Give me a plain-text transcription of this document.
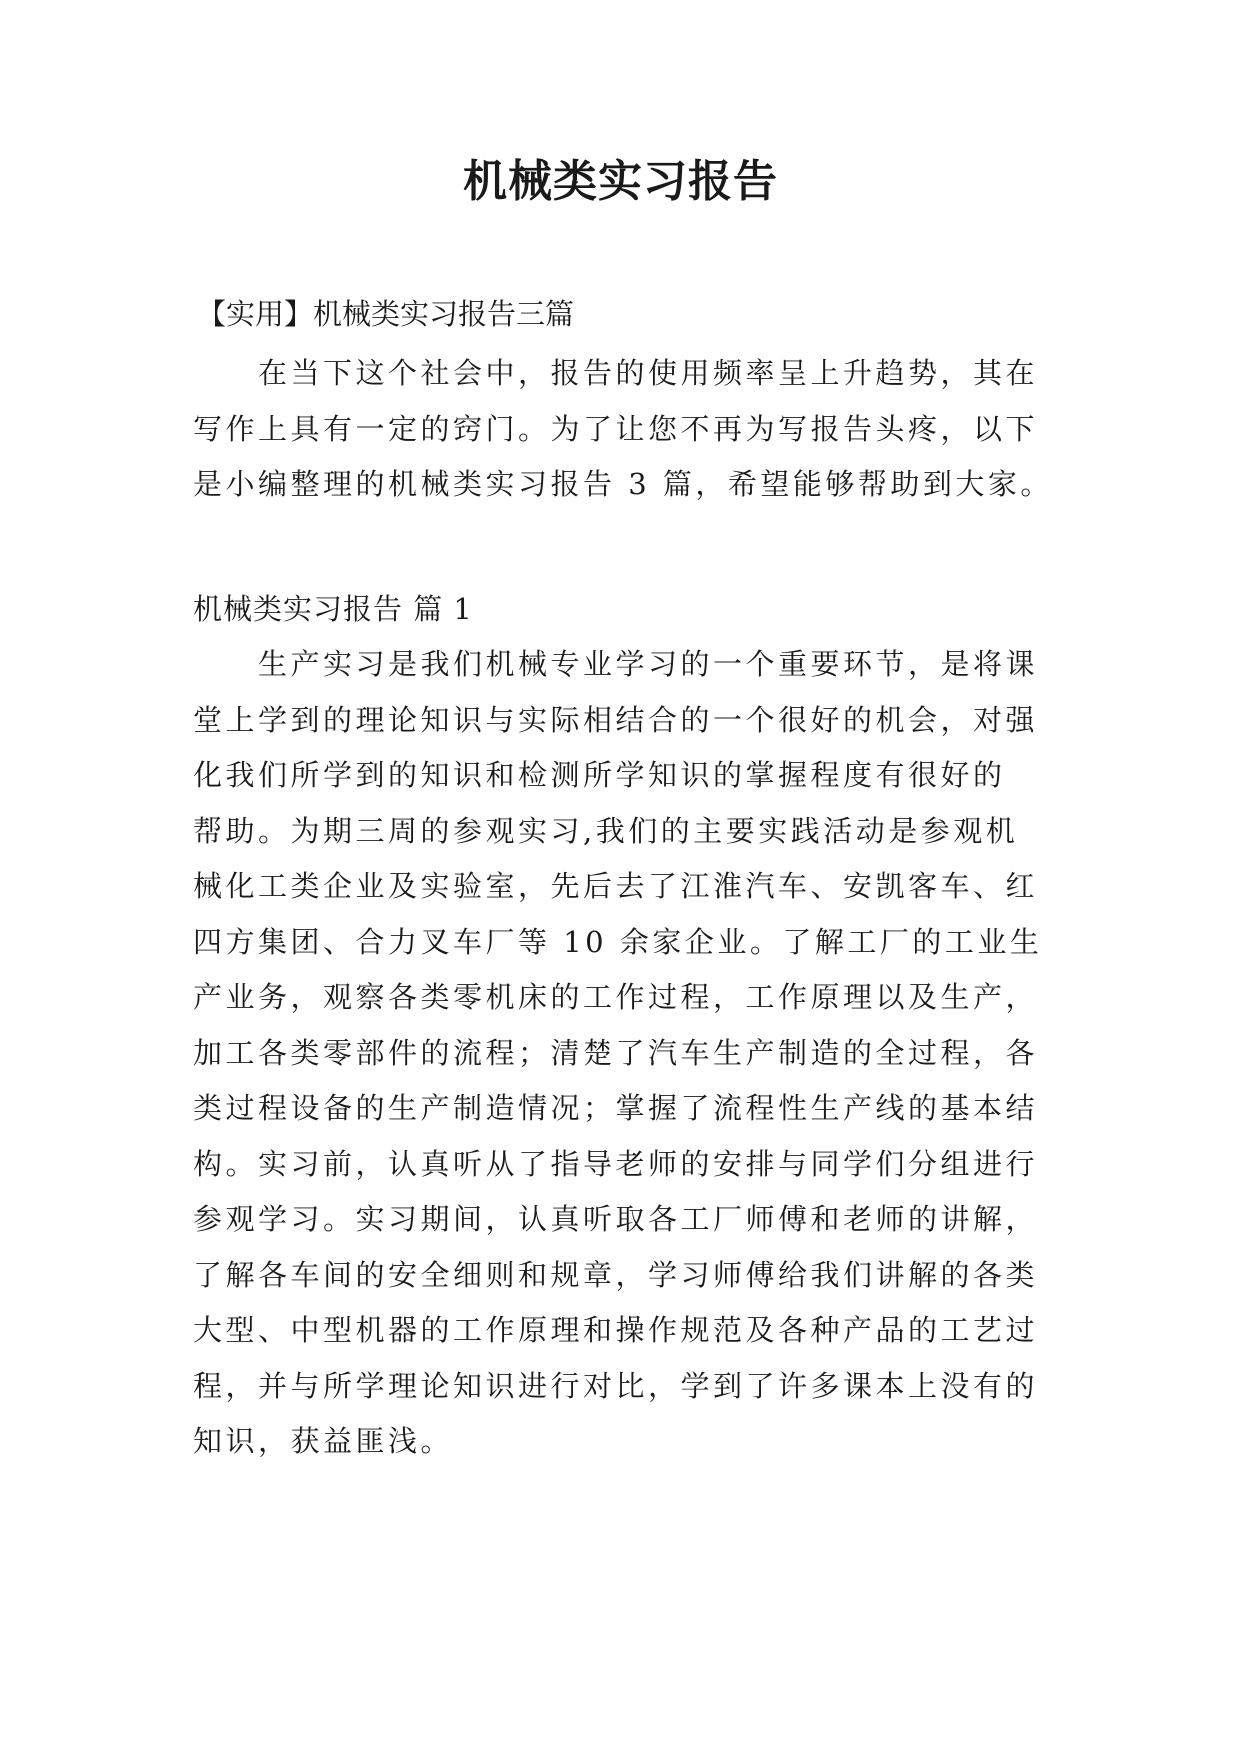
机械类实习报告
【实用】机械类实习报告三篇
在当下这个社会中，报告的使用频率呈上升趋势，其在
写作上具有一定的窍门。为了让您不再为写报告头疼，以下
是小编整理的机械类实习报告 3 篇，希望能够帮助到大家。
机械类实习报告 篇 1
生产实习是我们机械专业学习的一个重要环节，是将课
堂上学到的理论知识与实际相结合的一个很好的机会，对强
化我们所学到的知识和检测所学知识的掌握程度有很好的
帮助。为期三周的参观实习,我们的主要实践活动是参观机
械化工类企业及实验室，先后去了江淮汽车、安凯客车、红
四方集团、合力叉车厂等 10 余家企业。了解工厂的工业生
产业务，观察各类零机床的工作过程，工作原理以及生产，
加工各类零部件的流程；清楚了汽车生产制造的全过程，各
类过程设备的生产制造情况；掌握了流程性生产线的基本结
构。实习前，认真听从了指导老师的安排与同学们分组进行
参观学习。实习期间，认真听取各工厂师傅和老师的讲解，
了解各车间的安全细则和规章，学习师傅给我们讲解的各类
大型、中型机器的工作原理和操作规范及各种产品的工艺过
程，并与所学理论知识进行对比，学到了许多课本上没有的
知识，获益匪浅。
